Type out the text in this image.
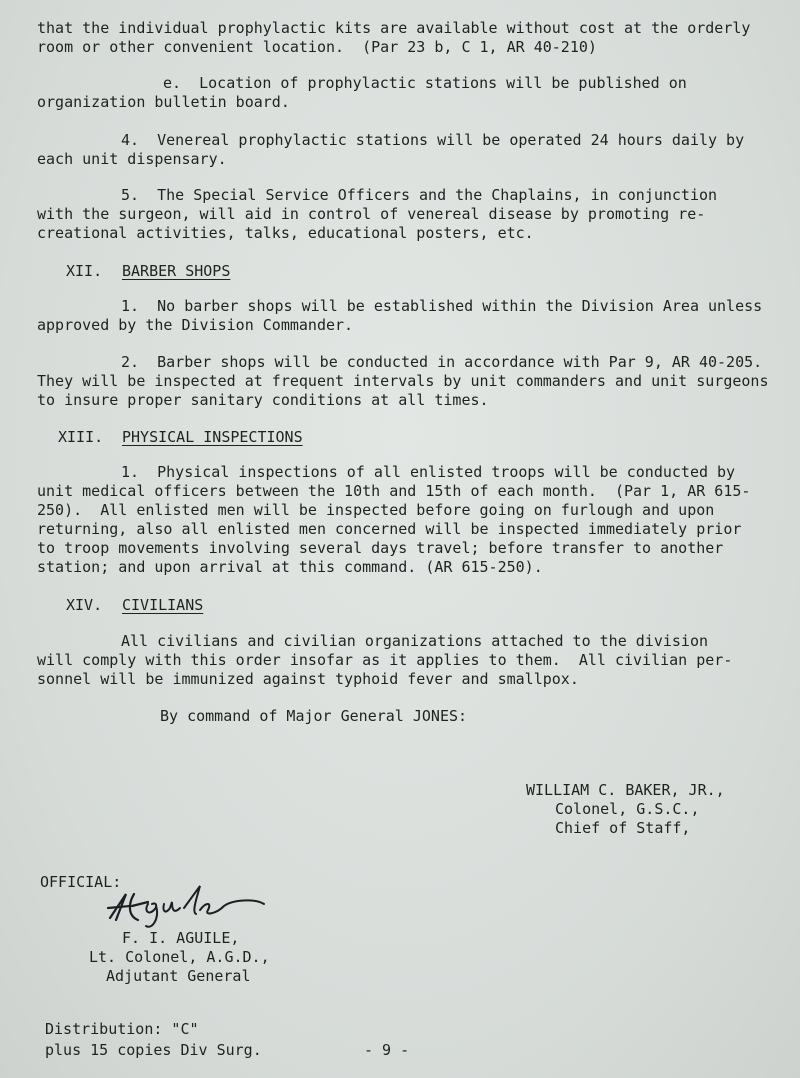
that the individual prophylactic kits are available without cost at the orderly
room or other convenient location.  (Par 23 b, C 1, AR 40-210)
e.  Location of prophylactic stations will be published on
organization bulletin board.
4.  Venereal prophylactic stations will be operated 24 hours daily by
each unit dispensary.
5.  The Special Service Officers and the Chaplains, in conjunction
with the surgeon, will aid in control of venereal disease by promoting re-
creational activities, talks, educational posters, etc.
XII. BARBER SHOPS
1.  No barber shops will be established within the Division Area unless
approved by the Division Commander.
2.  Barber shops will be conducted in accordance with Par 9, AR 40-205.
They will be inspected at frequent intervals by unit commanders and unit surgeons
to insure proper sanitary conditions at all times.
XIII. PHYSICAL INSPECTIONS
1.  Physical inspections of all enlisted troops will be conducted by
unit medical officers between the 10th and 15th of each month.  (Par 1, AR 615-
250).  All enlisted men will be inspected before going on furlough and upon
returning, also all enlisted men concerned will be inspected immediately prior
to troop movements involving several days travel; before transfer to another
station; and upon arrival at this command. (AR 615-250).
XIV. CIVILIANS
All civilians and civilian organizations attached to the division
will comply with this order insofar as it applies to them.  All civilian per-
sonnel will be immunized against typhoid fever and smallpox.
By command of Major General JONES:
WILLIAM C. BAKER, JR.,
Colonel, G.S.C.,
Chief of Staff,
OFFICIAL:
F. I. AGUILE,
Lt. Colonel, A.G.D.,
Adjutant General
Distribution: "C"
plus 15 copies Div Surg.	- 9 -
